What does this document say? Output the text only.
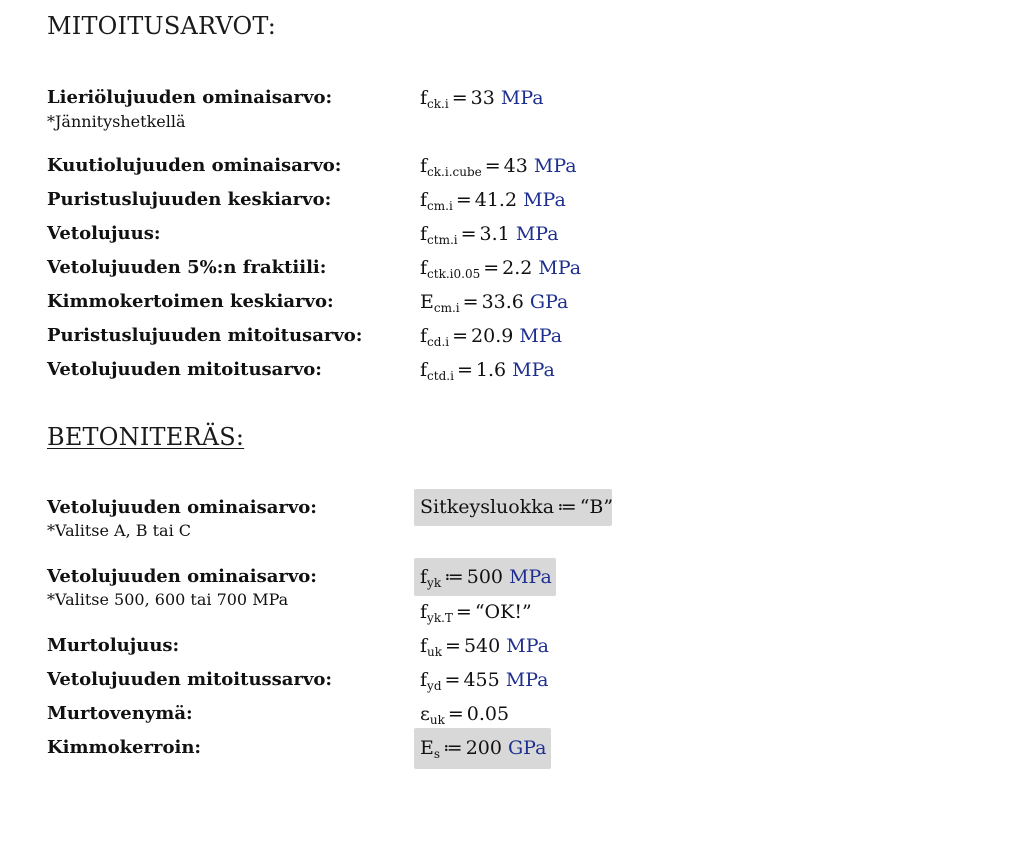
MITOITUSARVOT:
Lieriölujuuden ominaisarvo:
*Jännityshetkellä
$f_{ck.i} = 33$ MPa
Kuutiolujuuden ominaisarvo:	$f_{ck.i.cube} = 43$ MPa
Puristuslujuuden keskiarvo:	$f_{cm.i} = 41.2$ MPa
Vetolujuus:	$f_{ctm.i} = 3.1$ MPa
Vetolujuuden 5%:n fraktiili:	$f_{ctk.i0.05} = 2.2$ MPa
Kimmokertoimen keskiarvo:	$E_{cm.i} = 33.6$ GPa
Puristuslujuuden mitoitusarvo:	$f_{cd.i} = 20.9$ MPa
Vetolujuuden mitoitusarvo:	$f_{ctd.i} = 1.6$ MPa
BETONITERÄS:
Vetolujuuden ominaisarvo:
*Valitse A, B tai C
Sitkeysluokka ≔ “B”
Vetolujuuden ominaisarvo:
*Valitse 500, 600 tai 700 MPa
$f_{yk}$ ≔ 500 MPa
$f_{yk.T}$ = “OK!”
Murtolujuus:	$f_{uk} = 540$ MPa
Vetolujuuden mitoitussarvo:	$f_{yd} = 455$ MPa
Murtovenymä:	$\varepsilon_{uk} = 0.05$
Kimmokerroin:	$E_s$ ≔ 200 GPa
